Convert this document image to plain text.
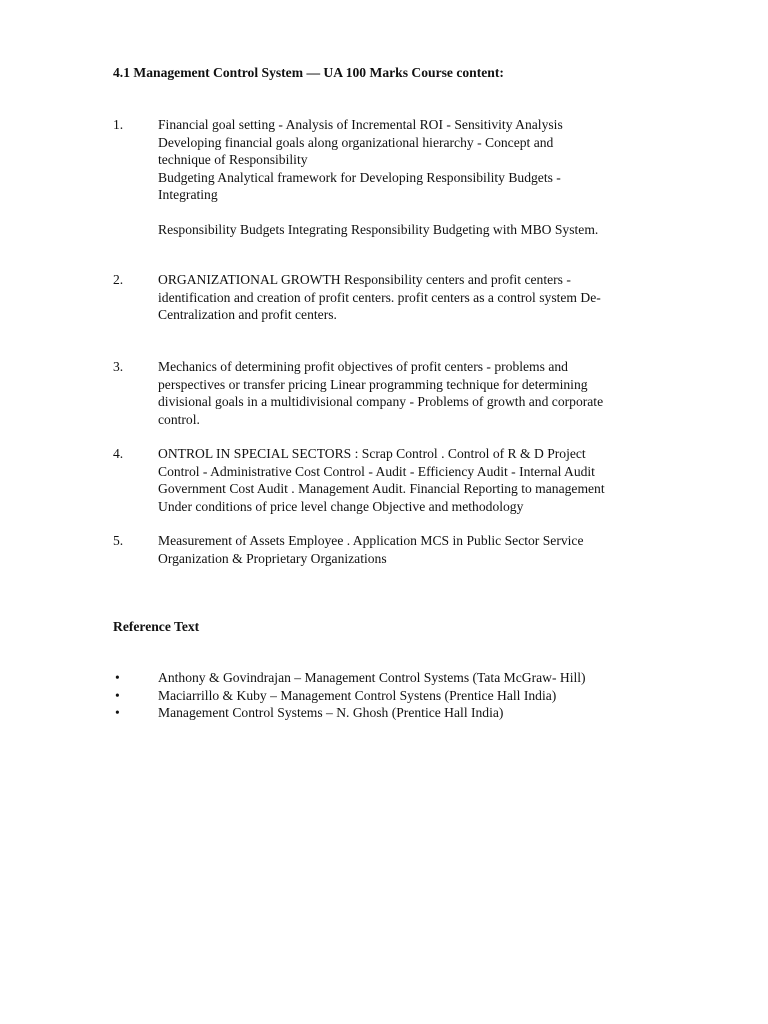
4.1 Management Control System — UA 100 Marks Course content:
1.	Financial goal setting - Analysis of Incremental ROI - Sensitivity Analysis

Developing financial goals along organizational hierarchy - Concept and

technique of Responsibility

Budgeting Analytical framework for Developing Responsibility Budgets -

Integrating

Responsibility Budgets Integrating Responsibility Budgeting with MBO System.

2.	ORGANIZATIONAL GROWTH Responsibility centers and profit centers -

identification and creation of profit centers. profit centers as a control system De-

Centralization and profit centers.

3.	Mechanics of determining profit objectives of profit centers - problems and

perspectives or transfer pricing Linear programming technique for determining

divisional goals in a multidivisional company - Problems of growth and corporate

control.

4.	ONTROL IN SPECIAL SECTORS : Scrap Control . Control of R & D Project

Control - Administrative Cost Control - Audit - Efficiency Audit - Internal Audit

Government Cost Audit . Management Audit. Financial Reporting to management

Under conditions of price level change Objective and methodology

5.	Measurement of Assets Employee . Application MCS in Public Sector Service

Organization & Proprietary Organizations

Reference Text
•	Anthony & Govindrajan – Management Control Systems (Tata McGraw- Hill)
•	Maciarrillo & Kuby – Management Control Systens (Prentice Hall India)
•	Management Control Systems – N. Ghosh (Prentice Hall India)
